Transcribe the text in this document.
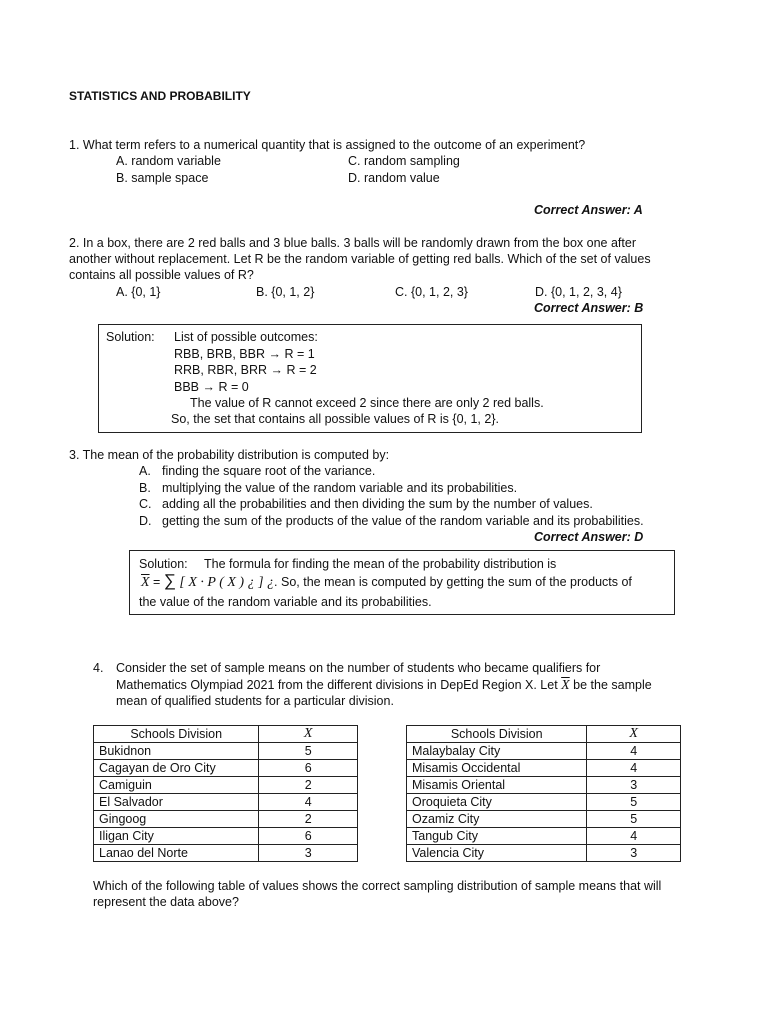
STATISTICS AND PROBABILITY
1. What term refers to a numerical quantity that is assigned to the outcome of an experiment?
A. random variable	C. random sampling
B. sample space	D. random value
Correct Answer: A
2. In a box, there are 2 red balls and 3 blue balls. 3 balls will be randomly drawn from the box one after
another without replacement. Let R be the random variable of getting red balls. Which of the set of values
contains all possible values of R?
A. {0, 1}	B. {0, 1, 2}	C. {0, 1, 2, 3}	D. {0, 1, 2, 3, 4}
Correct Answer: B
Solution: List of possible outcomes:
RBB, BRB, BBR → R = 1
RRB, RBR, BRR → R = 2
BBB → R = 0
The value of R cannot exceed 2 since there are only 2 red balls.
So, the set that contains all possible values of R is {0, 1, 2}.
3. The mean of the probability distribution is computed by:
A. finding the square root of the variance.
B. multiplying the value of the random variable and its probabilities.
C. adding all the probabilities and then dividing the sum by the number of values.
D. getting the sum of the products of the value of the random variable and its probabilities.
Correct Answer: D
Solution: The formula for finding the mean of the probability distribution is
$\overline{X}$ = ∑ [ X ∙ P ( X ) ¿ ] ¿. So, the mean is computed by getting the sum of the products of
the value of the random variable and its probabilities.
4. Consider the set of sample means on the number of students who became qualifiers for
Mathematics Olympiad 2021 from the different divisions in DepEd Region X. Let $\overline{X}$ be the sample
mean of qualified students for a particular division.
Schools Division	X
Bukidnon	5
Cagayan de Oro City	6
Camiguin	2
El Salvador	4
Gingoog	2
Iligan City	6
Lanao del Norte	3
Schools Division	X
Malaybalay City	4
Misamis Occidental	4
Misamis Oriental	3
Oroquieta City	5
Ozamiz City	5
Tangub City	4
Valencia City	3
Which of the following table of values shows the correct sampling distribution of sample means that will
represent the data above?
